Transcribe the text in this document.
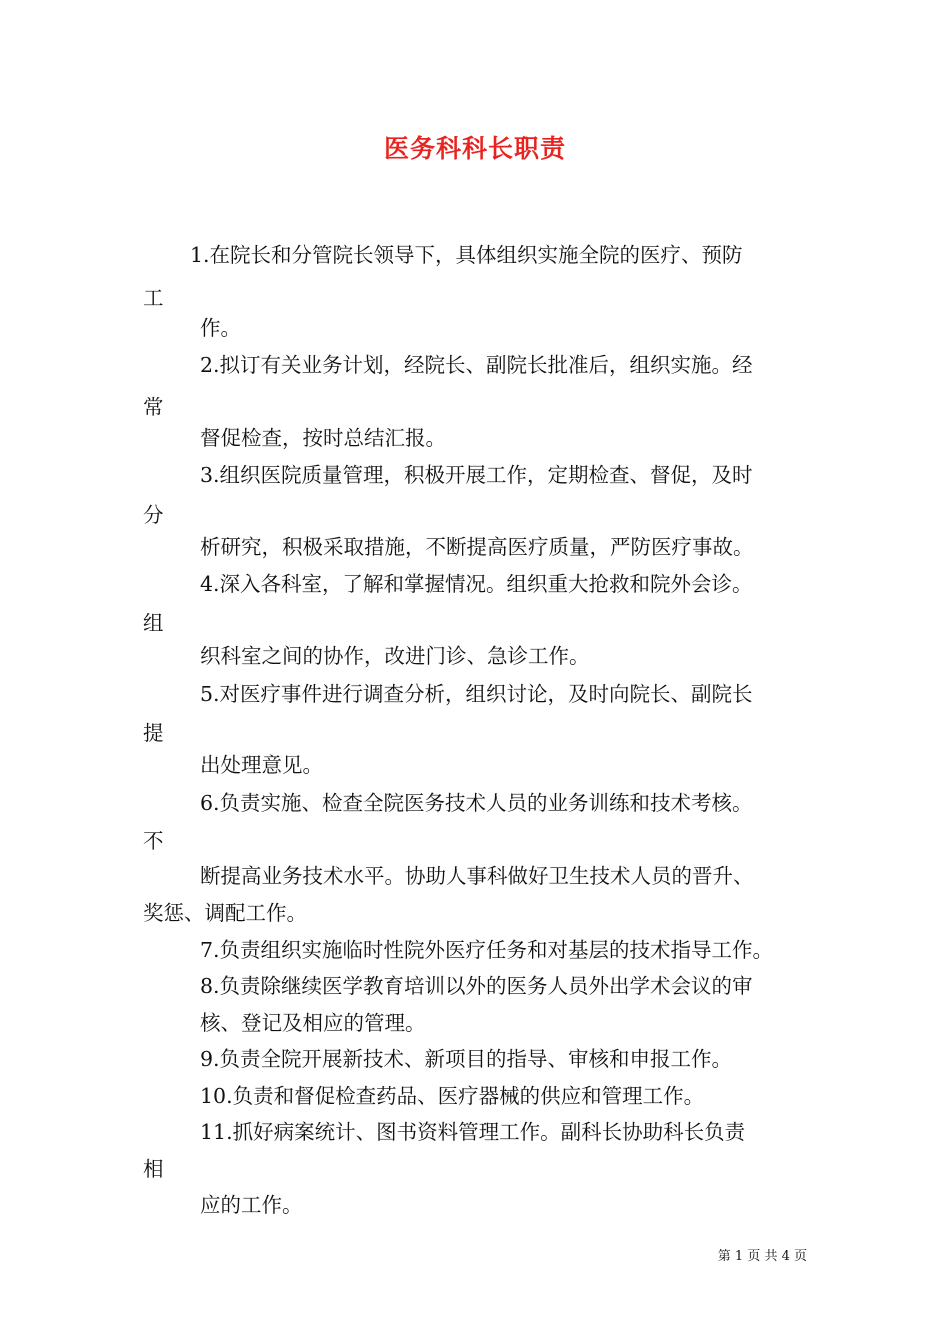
医务科科长职责
1.在院长和分管院长领导下，具体组织实施全院的医疗、预防
工
作。
2.拟订有关业务计划，经院长、副院长批准后，组织实施。经
常
督促检查，按时总结汇报。
3.组织医院质量管理，积极开展工作，定期检查、督促，及时
分
析研究，积极采取措施，不断提高医疗质量，严防医疗事故。
4.深入各科室，了解和掌握情况。组织重大抢救和院外会诊。
组
织科室之间的协作，改进门诊、急诊工作。
5.对医疗事件进行调查分析，组织讨论，及时向院长、副院长
提
出处理意见。
6.负责实施、检查全院医务技术人员的业务训练和技术考核。
不
断提高业务技术水平。协助人事科做好卫生技术人员的晋升、
奖惩、调配工作。
7.负责组织实施临时性院外医疗任务和对基层的技术指导工作。
8.负责除继续医学教育培训以外的医务人员外出学术会议的审
核、登记及相应的管理。
9.负责全院开展新技术、新项目的指导、审核和申报工作。
10.负责和督促检查药品、医疗器械的供应和管理工作。
11.抓好病案统计、图书资料管理工作。副科长协助科长负责
相
应的工作。
第 1 页 共 4 页
